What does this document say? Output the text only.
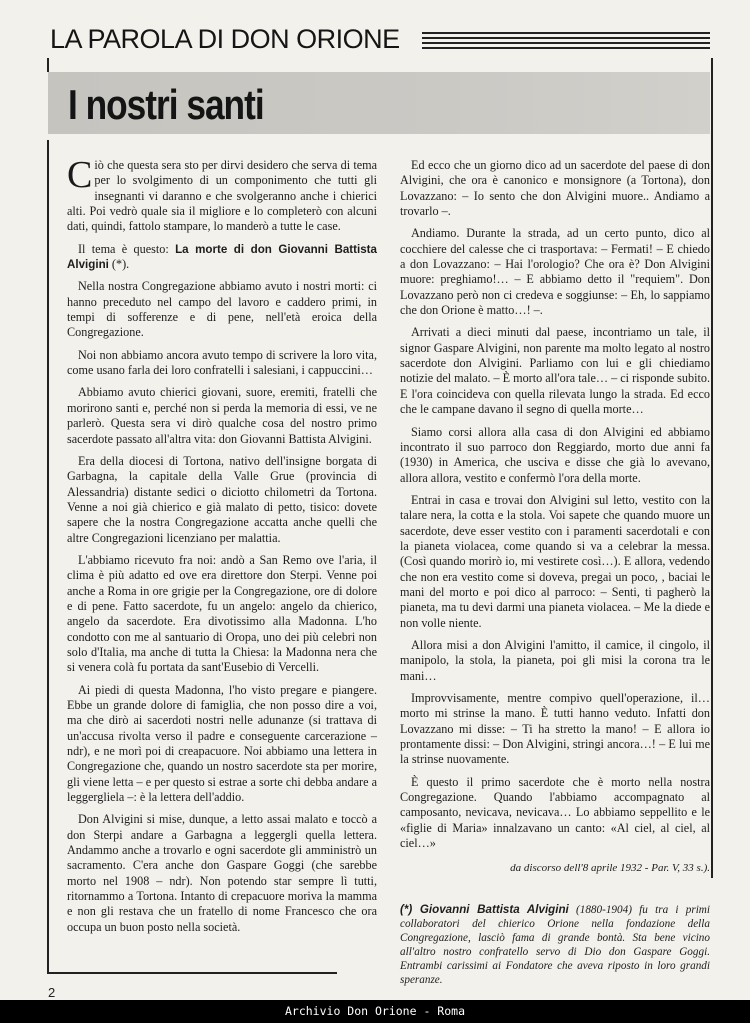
LA PAROLA DI DON ORIONE
I nostri santi

Ciò che questa sera sto per dirvi desidero che serva di tema per lo svolgimento di un componimento che tutti gli insegnanti vi daranno e che svolgeranno anche i chierici alti. Poi vedrò quale sia il migliore e lo completerò con alcuni dati, quindi, fattolo stampare, lo manderò a tutte le case.

Il tema è questo: La morte di don Giovanni Battista Alvigini (*).

Nella nostra Congregazione abbiamo avuto i nostri morti: ci hanno preceduto nel campo del lavoro e caddero primi, in tempi di sofferenze e di pene, nell'età eroica della Congregazione.

Noi non abbiamo ancora avuto tempo di scrivere la loro vita, come usano farla dei loro confratelli i salesiani, i cappuccini…

Abbiamo avuto chierici giovani, suore, eremiti, fratelli che morirono santi e, perché non si perda la memoria di essi, ve ne parlerò. Questa sera vi dirò qualche cosa del nostro primo sacerdote passato all'altra vita: don Giovanni Battista Alvigini.

Era della diocesi di Tortona, nativo dell'insigne borgata di Garbagna, la capitale della Valle Grue (provincia di Alessandria) distante sedici o diciotto chilometri da Tortona. Venne a noi già chierico e già malato di petto, tisico: dovete sapere che la nostra Congregazione accatta anche quelli che altre Congregazioni licenziano per malattia.

L'abbiamo ricevuto fra noi: andò a San Remo ove l'aria, il clima è più adatto ed ove era direttore don Sterpi. Venne poi anche a Roma in ore grigie per la Congregazione, ore di dolore e di pene. Fatto sacerdote, fu un angelo: angelo da chierico, angelo da sacerdote. Era divotissimo alla Madonna. L'ho condotto con me al santuario di Oropa, uno dei più celebri non solo d'Italia, ma anche di tutta la Chiesa: la Madonna nera che si venera colà fu portata da sant'Eusebio di Vercelli.

Ai piedi di questa Madonna, l'ho visto pregare e piangere. Ebbe un grande dolore di famiglia, che non posso dire a voi, ma che dirò ai sacerdoti nostri nelle adunanze (si trattava di un'accusa rivolta verso il padre e conseguente carcerazione – ndr), e ne morì poi di creapacuore. Noi abbiamo una lettera in Congregazione che, quando un nostro sacerdote sta per morire, gli viene letta – e per questo si estrae a sorte chi debba andare a leggergliela –: è la lettera dell'addio.

Don Alvigini si mise, dunque, a letto assai malato e toccò a don Sterpi andare a Garbagna a leggergli quella lettera. Andammo anche a trovarlo e ogni sacerdote gli amministrò un sacramento. C'era anche don Gaspare Goggi (che sarebbe morto nel 1908 – ndr). Non potendo star sempre lì tutti, ritornammo a Tortona. Intanto di crepacuore moriva la mamma e non gli restava che un fratello di nome Francesco che ora occupa un buon posto nella società.

Ed ecco che un giorno dico ad un sacerdote del paese di don Alvigini, che ora è canonico e monsignore (a Tortona), don Lovazzano: – Io sento che don Alvigini muore.. Andiamo a trovarlo –.

Andiamo. Durante la strada, ad un certo punto, dico al cocchiere del calesse che ci trasportava: – Fermati! – E chiedo a don Lovazzano: – Hai l'orologio? Che ora è? Don Alvigini muore: preghiamo!… – E abbiamo detto il "requiem". Don Lovazzano però non ci credeva e soggiunse: – Eh, lo sappiamo che don Orione è matto…! –.

Arrivati a dieci minuti dal paese, incontriamo un tale, il signor Gaspare Alvigini, non parente ma molto legato al nostro sacerdote don Alvigini. Parliamo con lui e gli chiediamo notizie del malato. – È morto all'ora tale… – ci risponde subito. E l'ora coincideva con quella rilevata lungo la strada. Ed ecco che le campane davano il segno di quella morte…

Siamo corsi allora alla casa di don Alvigini ed abbiamo incontrato il suo parroco don Reggiardo, morto due anni fa (1930) in America, che usciva e disse che già lo avevano, allora allora, vestito e confermò l'ora della morte.

Entrai in casa e trovai don Alvigini sul letto, vestito con la talare nera, la cotta e la stola. Voi sapete che quando muore un sacerdote, deve esser vestito con i paramenti sacerdotali e con la pianeta violacea, come quando si va a celebrar la messa. (Così quando morirò io, mi vestirete così…). E allora, vedendo che non era vestito come si doveva, pregai un poco, , baciai le mani del morto e poi dico al parroco: – Senti, ti pagherò la pianeta, ma tu devi darmi una pianeta violacea. – Me la diede e non volle niente.

Allora misi a don Alvigini l'amitto, il camice, il cingolo, il manipolo, la stola, la pianeta, poi gli misi la corona tra le mani…

Improvvisamente, mentre compivo quell'operazione, il… morto mi strinse la mano. È tutti hanno veduto. Infatti don Lovazzano mi disse: – Ti ha stretto la mano! – E allora io prontamente dissi: – Don Alvigini, stringi ancora…! – E lui me la strinse nuovamente.

È questo il primo sacerdote che è morto nella nostra Congregazione. Quando l'abbiamo accompagnato al camposanto, nevicava, nevicava… Lo abbiamo seppellito e le «figlie di Maria» innalzavano un canto: «Al ciel, al ciel, al ciel…»

da discorso dell'8 aprile 1932 - Par. V, 33 s.).

(*) Giovanni Battista Alvigini (1880-1904) fu tra i primi collaboratori del chierico Orione nella fondazione della Congregazione, lasciò fama di grande bontà. Sta bene vicino all'altro nostro confratello servo di Dio don Gaspare Goggi. Entrambi carissimi ai Fondatore che aveva riposto in loro grandi speranze.

2
Archivio Don Orione - Roma
